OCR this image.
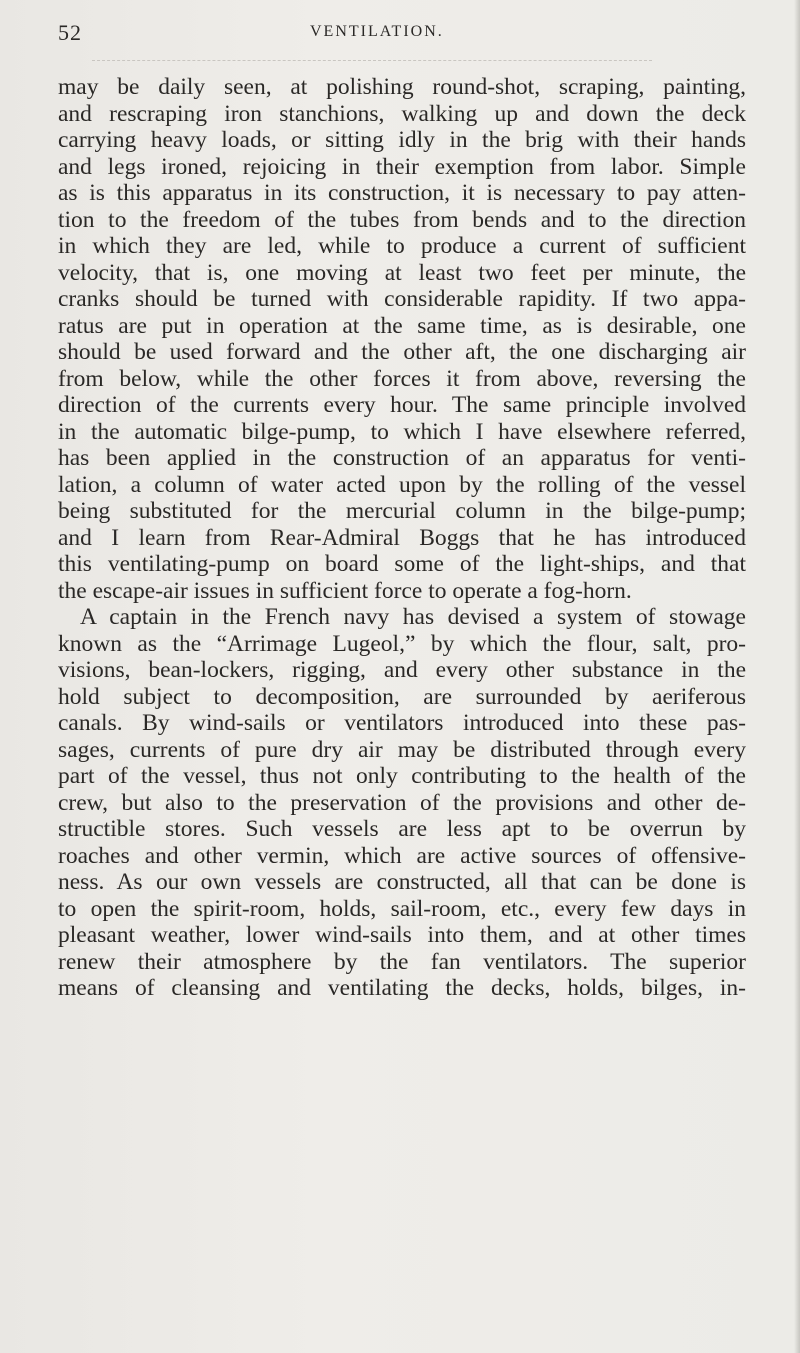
52	VENTILATION.
may be daily seen, at polishing round-shot, scraping, painting,
and rescraping iron stanchions, walking up and down the deck
carrying heavy loads, or sitting idly in the brig with their hands
and legs ironed, rejoicing in their exemption from labor. Simple
as is this apparatus in its construction, it is necessary to pay atten-
tion to the freedom of the tubes from bends and to the direction
in which they are led, while to produce a current of sufficient
velocity, that is, one moving at least two feet per minute, the
cranks should be turned with considerable rapidity. If two appa-
ratus are put in operation at the same time, as is desirable, one
should be used forward and the other aft, the one discharging air
from below, while the other forces it from above, reversing the
direction of the currents every hour. The same principle involved
in the automatic bilge-pump, to which I have elsewhere referred,
has been applied in the construction of an apparatus for venti-
lation, a column of water acted upon by the rolling of the vessel
being substituted for the mercurial column in the bilge-pump;
and I learn from Rear-Admiral Boggs that he has introduced
this ventilating-pump on board some of the light-ships, and that
the escape-air issues in sufficient force to operate a fog-horn.
A captain in the French navy has devised a system of stowage
known as the “Arrimage Lugeol,” by which the flour, salt, pro-
visions, bean-lockers, rigging, and every other substance in the
hold subject to decomposition, are surrounded by aeriferous
canals. By wind-sails or ventilators introduced into these pas-
sages, currents of pure dry air may be distributed through every
part of the vessel, thus not only contributing to the health of the
crew, but also to the preservation of the provisions and other de-
structible stores. Such vessels are less apt to be overrun by
roaches and other vermin, which are active sources of offensive-
ness. As our own vessels are constructed, all that can be done is
to open the spirit-room, holds, sail-room, etc., every few days in
pleasant weather, lower wind-sails into them, and at other times
renew their atmosphere by the fan ventilators. The superior
means of cleansing and ventilating the decks, holds, bilges, in-
